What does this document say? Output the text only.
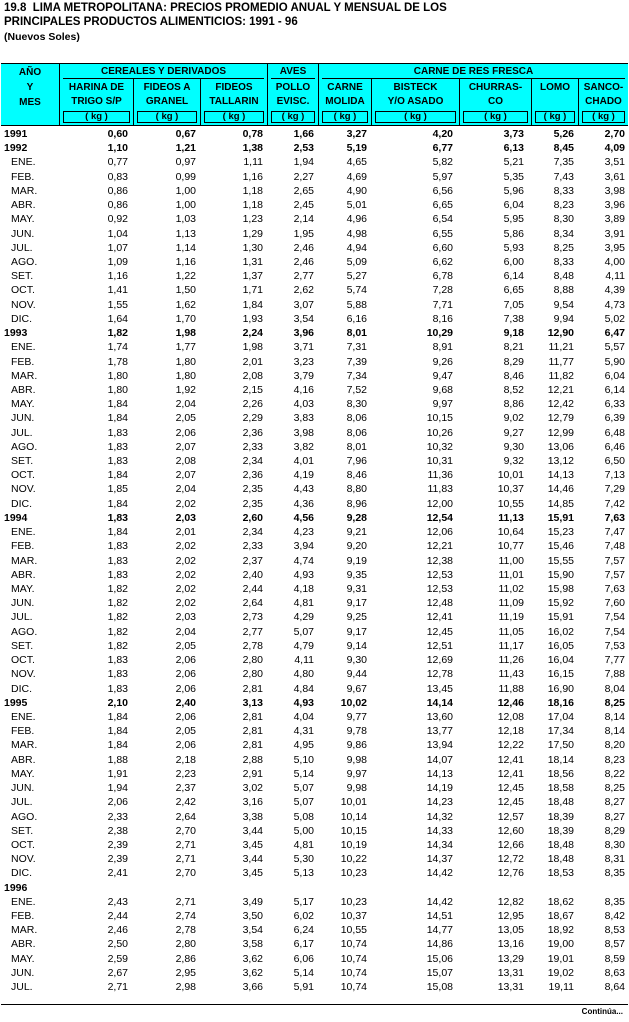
19.8  LIMA METROPOLITANA: PRECIOS PROMEDIO ANUAL Y MENSUAL DE LOS
PRINCIPALES PRODUCTOS ALIMENTICIOS: 1991 - 96
(Nuevos Soles)
AÑO
Y
MES
CEREALES Y DERIVADOS	AVES	CARNE DE RES FRESCA
HARINA DE
TRIGO S/P
( kg )
FIDEOS A
GRANEL
( kg )
FIDEOS
TALLARIN
( kg )
POLLO
EVISC.
( kg )
CARNE
MOLIDA
( kg )
BISTECK
Y/O ASADO
( kg )
CHURRAS-
CO
( kg )
LOMO
( kg )
SANCO-
CHADO
( kg )
1991	0,60	0,67	0,78	1,66	3,27	4,20	3,73	5,26	2,70
1992	1,10	1,21	1,38	2,53	5,19	6,77	6,13	8,45	4,09
ENE.	0,77	0,97	1,11	1,94	4,65	5,82	5,21	7,35	3,51
FEB.	0,83	0,99	1,16	2,27	4,69	5,97	5,35	7,43	3,61
MAR.	0,86	1,00	1,18	2,65	4,90	6,56	5,96	8,33	3,98
ABR.	0,86	1,00	1,18	2,45	5,01	6,65	6,04	8,23	3,96
MAY.	0,92	1,03	1,23	2,14	4,96	6,54	5,95	8,30	3,89
JUN.	1,04	1,13	1,29	1,95	4,98	6,55	5,86	8,34	3,91
JUL.	1,07	1,14	1,30	2,46	4,94	6,60	5,93	8,25	3,95
AGO.	1,09	1,16	1,31	2,46	5,09	6,62	6,00	8,33	4,00
SET.	1,16	1,22	1,37	2,77	5,27	6,78	6,14	8,48	4,11
OCT.	1,41	1,50	1,71	2,62	5,74	7,28	6,65	8,88	4,39
NOV.	1,55	1,62	1,84	3,07	5,88	7,71	7,05	9,54	4,73
DIC.	1,64	1,70	1,93	3,54	6,16	8,16	7,38	9,94	5,02
1993	1,82	1,98	2,24	3,96	8,01	10,29	9,18 12,90	6,47
ENE.	1,74	1,77	1,98	3,71	7,31	8,91	8,21 11,21	5,57
FEB.	1,78	1,80	2,01	3,23	7,39	9,26	8,29 11,77	5,90
MAR.	1,80	1,80	2,08	3,79	7,34	9,47	8,46 11,82	6,04
ABR.	1,80	1,92	2,15	4,16	7,52	9,68	8,52 12,21	6,14
MAY.	1,84	2,04	2,26	4,03	8,30	9,97	8,86 12,42	6,33
JUN.	1,84	2,05	2,29	3,83	8,06	10,15	9,02 12,79	6,39
JUL.	1,83	2,06	2,36	3,98	8,06	10,26	9,27 12,99	6,48
AGO.	1,83	2,07	2,33	3,82	8,01	10,32	9,30 13,06	6,46
SET.	1,83	2,08	2,34	4,01	7,96	10,31	9,32 13,12	6,50
OCT.	1,84	2,07	2,36	4,19	8,46	11,36	10,01 14,13	7,13
NOV.	1,85	2,04	2,35	4,43	8,80	11,83	10,37 14,46	7,29
DIC.	1,84	2,02	2,35	4,36	8,96	12,00	10,55 14,85	7,42
1994	1,83	2,03	2,60	4,56	9,28	12,54	11,13 15,91	7,63
ENE.	1,84	2,01	2,34	4,23	9,21	12,06	10,64 15,23	7,47
FEB.	1,83	2,02	2,33	3,94	9,20	12,21	10,77 15,46	7,48
MAR.	1,83	2,02	2,37	4,74	9,19	12,38	11,00 15,55	7,57
ABR.	1,83	2,02	2,40	4,93	9,35	12,53	11,01 15,90	7,57
MAY.	1,82	2,02	2,44	4,18	9,31	12,53	11,02 15,98	7,63
JUN.	1,82	2,02	2,64	4,81	9,17	12,48	11,09 15,92	7,60
JUL.	1,82	2,03	2,73	4,29	9,25	12,41	11,19 15,91	7,54
AGO.	1,82	2,04	2,77	5,07	9,17	12,45	11,05 16,02	7,54
SET.	1,82	2,05	2,78	4,79	9,14	12,51	11,17 16,05	7,53
OCT.	1,83	2,06	2,80	4,11	9,30	12,69	11,26 16,04	7,77
NOV.	1,83	2,06	2,80	4,80	9,44	12,78	11,43 16,15	7,88
DIC.	1,83	2,06	2,81	4,84	9,67	13,45	11,88 16,90	8,04
1995	2,10	2,40	3,13	4,93	10,02	14,14	12,46 18,16	8,25
ENE.	1,84	2,06	2,81	4,04	9,77	13,60	12,08 17,04	8,14
FEB.	1,84	2,05	2,81	4,31	9,78	13,77	12,18 17,34	8,14
MAR.	1,84	2,06	2,81	4,95	9,86	13,94	12,22 17,50	8,20
ABR.	1,88	2,18	2,88	5,10	9,98	14,07	12,41 18,14	8,23
MAY.	1,91	2,23	2,91	5,14	9,97	14,13	12,41 18,56	8,22
JUN.	1,94	2,37	3,02	5,07	9,98	14,19	12,45 18,58	8,25
JUL.	2,06	2,42	3,16	5,07	10,01	14,23	12,45 18,48	8,27
AGO.	2,33	2,64	3,38	5,08	10,14	14,32	12,57 18,39	8,27
SET.	2,38	2,70	3,44	5,00	10,15	14,33	12,60 18,39	8,29
OCT.	2,39	2,71	3,45	4,81	10,19	14,34	12,66 18,48	8,30
NOV.	2,39	2,71	3,44	5,30	10,22	14,37	12,72 18,48	8,31
DIC.	2,41	2,70	3,45	5,13	10,23	14,42	12,76 18,53	8,35
1996
ENE.	2,43	2,71	3,49	5,17	10,23	14,42	12,82 18,62	8,35
FEB.	2,44	2,74	3,50	6,02	10,37	14,51	12,95 18,67	8,42
MAR.	2,46	2,78	3,54	6,24	10,55	14,77	13,05 18,92	8,53
ABR.	2,50	2,80	3,58	6,17	10,74	14,86	13,16 19,00	8,57
MAY.	2,59	2,86	3,62	6,06	10,74	15,06	13,29 19,01	8,59
JUN.	2,67	2,95	3,62	5,14	10,74	15,07	13,31 19,02	8,63
JUL.	2,71	2,98	3,66	5,91	10,74	15,08	13,31 19,11	8,64
Continúa...
